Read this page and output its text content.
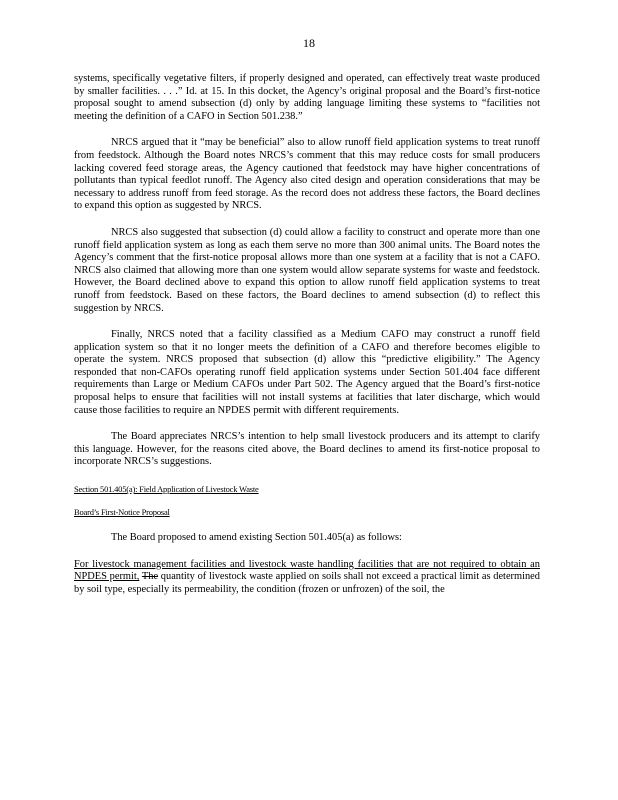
18

systems, specifically vegetative filters, if properly designed and operated, can effectively treat waste produced by smaller facilities. . . .” Id. at 15. In this docket, the Agency’s original proposal and the Board’s first-notice proposal sought to amend subsection (d) only by adding language limiting these systems to “facilities not meeting the definition of a CAFO in Section 501.238.”

NRCS argued that it “may be beneficial” also to allow runoff field application systems to treat runoff from feedstock. Although the Board notes NRCS’s comment that this may reduce costs for small producers lacking covered feed storage areas, the Agency cautioned that feedstock may have higher concentrations of pollutants than typical feedlot runoff. The Agency also cited design and operation considerations that may be necessary to address runoff from feed storage. As the record does not address these factors, the Board declines to expand this option as suggested by NRCS.

NRCS also suggested that subsection (d) could allow a facility to construct and operate more than one runoff field application system as long as each them serve no more than 300 animal units. The Board notes the Agency’s comment that the first-notice proposal allows more than one system at a facility that is not a CAFO. NRCS also claimed that allowing more than one system would allow separate systems for waste and feedstock. However, the Board declined above to expand this option to allow runoff field application systems to treat runoff from feedstock. Based on these factors, the Board declines to amend subsection (d) to reflect this suggestion by NRCS.

Finally, NRCS noted that a facility classified as a Medium CAFO may construct a runoff field application system so that it no longer meets the definition of a CAFO and therefore becomes eligible to operate the system. NRCS proposed that subsection (d) allow this “predictive eligibility.” The Agency responded that non-CAFOs operating runoff field application systems under Section 501.404 face different requirements than Large or Medium CAFOs under Part 502. The Agency argued that the Board’s first-notice proposal helps to ensure that facilities will not install systems at facilities that later discharge, which would cause those facilities to require an NPDES permit with different requirements.

The Board appreciates NRCS’s intention to help small livestock producers and its attempt to clarify this language. However, for the reasons cited above, the Board declines to amend its first-notice proposal to incorporate NRCS’s suggestions.

Section 501.405(a): Field Application of Livestock Waste
Board’s First-Notice Proposal

The Board proposed to amend existing Section 501.405(a) as follows:

For livestock management facilities and livestock waste handling facilities that are not required to obtain an NPDES permit, The quantity of livestock waste applied on soils shall not exceed a practical limit as determined by soil type, especially its permeability, the condition (frozen or unfrozen) of the soil, the
